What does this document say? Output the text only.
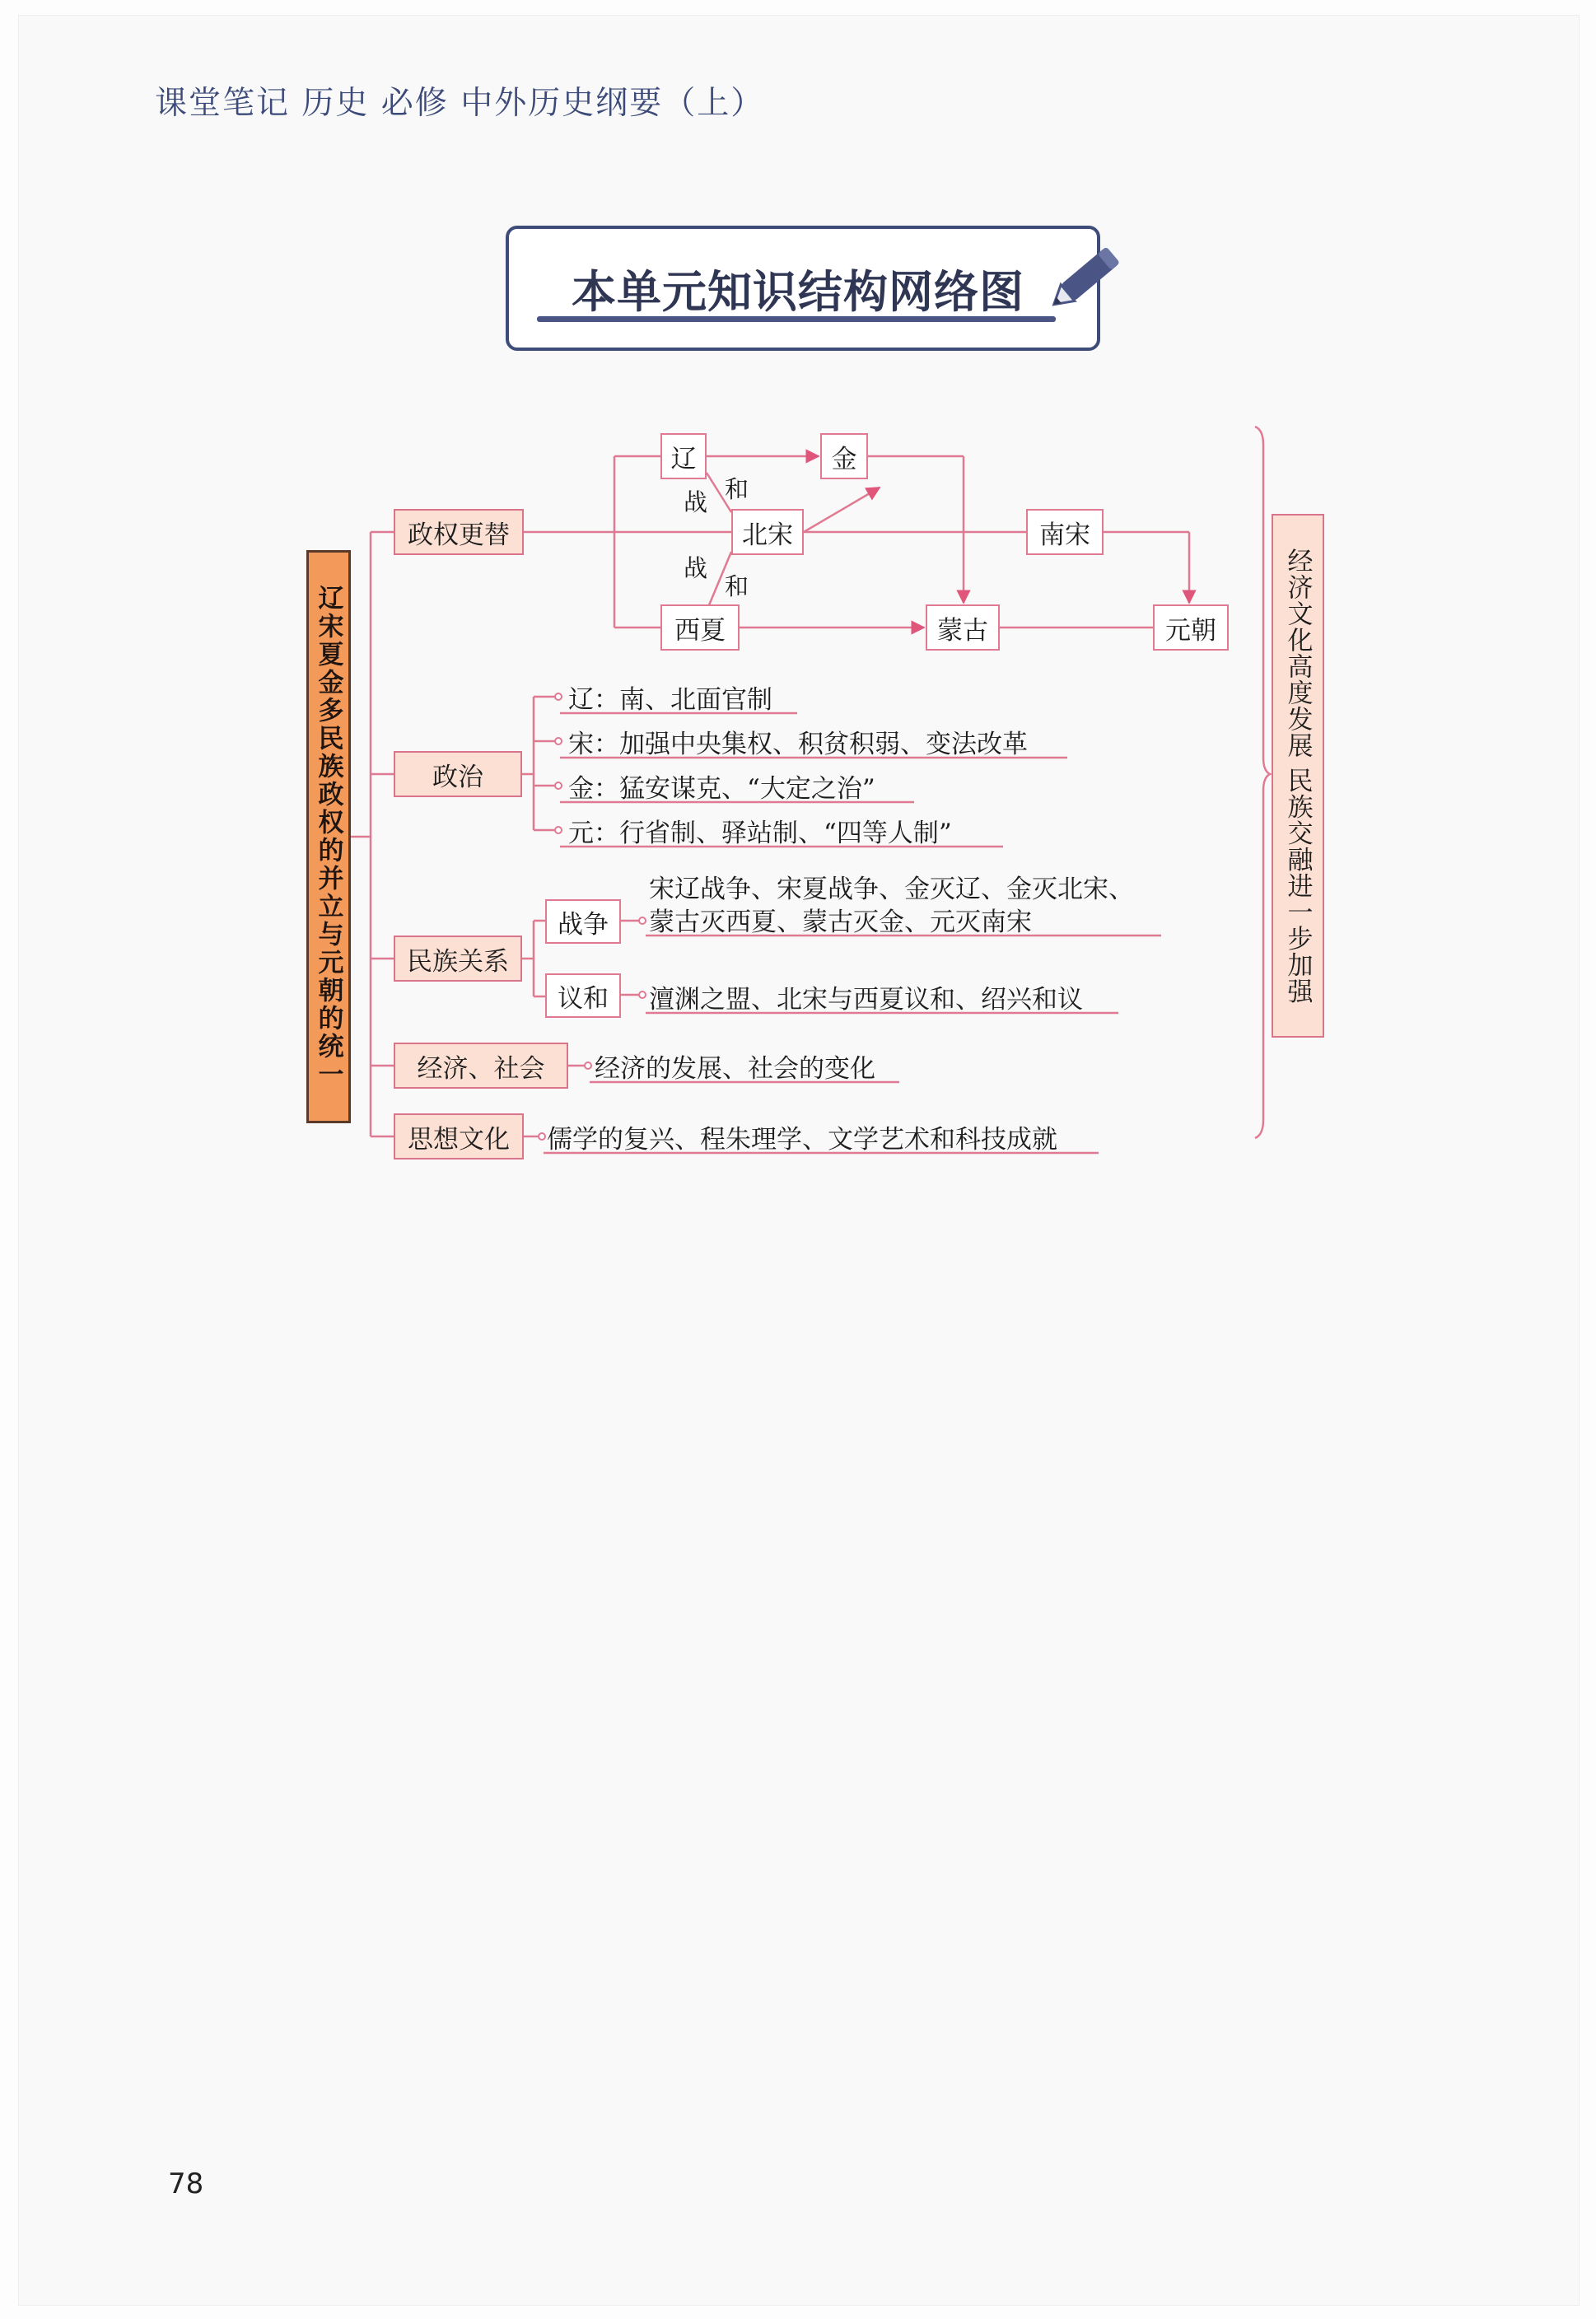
课堂笔记 历史 必修 中外历史纲要（上）
本单元知识结构网络图
辽宋夏金多民族政权的并立与元朝的统一	经济文化高度发展 民族交融进一步加强
政权更替
政治
民族关系
经济、社会
思想文化
辽	金
北宋	南宋
西夏	蒙古	元朝
战 和
战
和
辽：南、北面官制
宋：加强中央集权、积贫积弱、变法改革
金：猛安谋克、“大定之治”
元：行省制、驿站制、“四等人制”
战争
议和
宋辽战争、宋夏战争、金灭辽、金灭北宋、
蒙古灭西夏、蒙古灭金、元灭南宋
澶渊之盟、北宋与西夏议和、绍兴和议
经济的发展、社会的变化
儒学的复兴、程朱理学、文学艺术和科技成就
78
